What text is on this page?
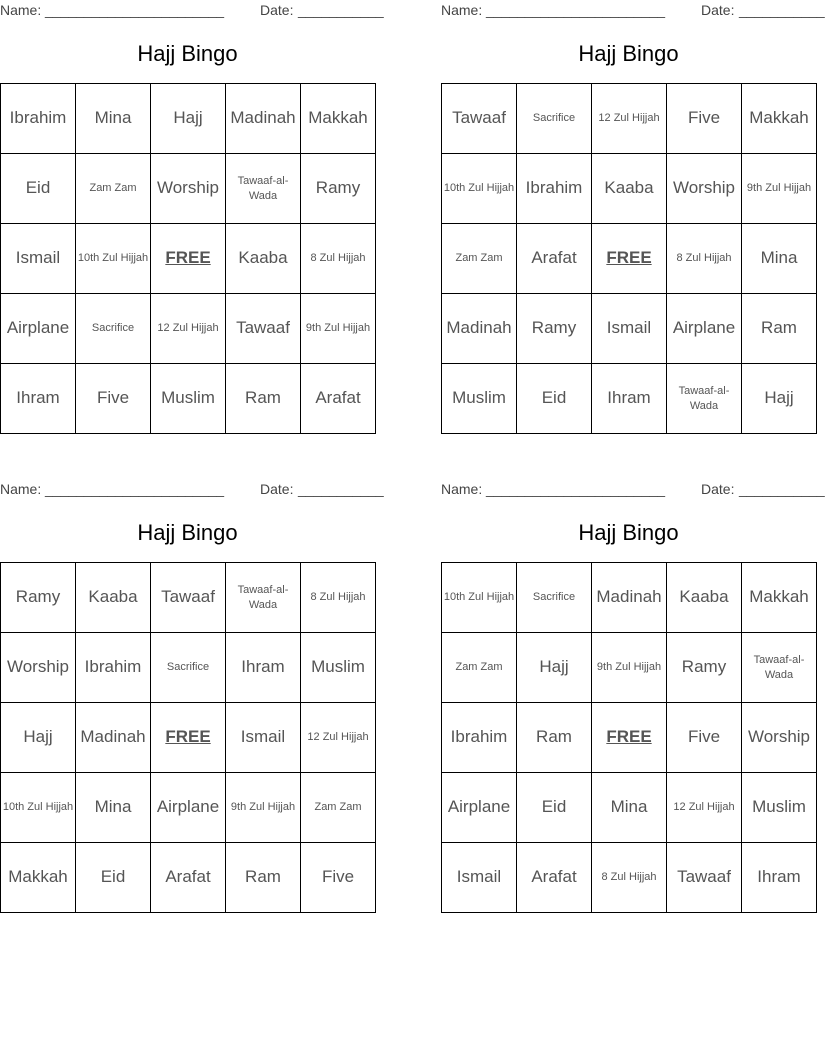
Name: _______________________	Date: ___________
Hajj Bingo
Ibrahim	Mina	Hajj	Madinah	Makkah
Eid	Zam Zam	Worship	Tawaaf-al-Wada	Ramy
Ismail	10th Zul Hijjah	FREE	Kaaba	8 Zul Hijjah
Airplane	Sacrifice	12 Zul Hijjah	Tawaaf	9th Zul Hijjah
Ihram	Five	Muslim	Ram	Arafat
Name: _______________________	Date: ___________
Hajj Bingo
Tawaaf	Sacrifice	12 Zul Hijjah	Five	Makkah
10th Zul Hijjah	Ibrahim	Kaaba	Worship	9th Zul Hijjah
Zam Zam	Arafat	FREE	8 Zul Hijjah	Mina
Madinah	Ramy	Ismail	Airplane	Ram
Muslim	Eid	Ihram	Tawaaf-al-Wada	Hajj
Name: _______________________	Date: ___________
Hajj Bingo
Ramy	Kaaba	Tawaaf	Tawaaf-al-Wada	8 Zul Hijjah
Worship	Ibrahim	Sacrifice	Ihram	Muslim
Hajj	Madinah	FREE	Ismail	12 Zul Hijjah
10th Zul Hijjah	Mina	Airplane	9th Zul Hijjah	Zam Zam
Makkah	Eid	Arafat	Ram	Five
Name: _______________________	Date: ___________
Hajj Bingo
10th Zul Hijjah	Sacrifice	Madinah	Kaaba	Makkah
Zam Zam	Hajj	9th Zul Hijjah	Ramy	Tawaaf-al-Wada
Ibrahim	Ram	FREE	Five	Worship
Airplane	Eid	Mina	12 Zul Hijjah	Muslim
Ismail	Arafat	8 Zul Hijjah	Tawaaf	Ihram
